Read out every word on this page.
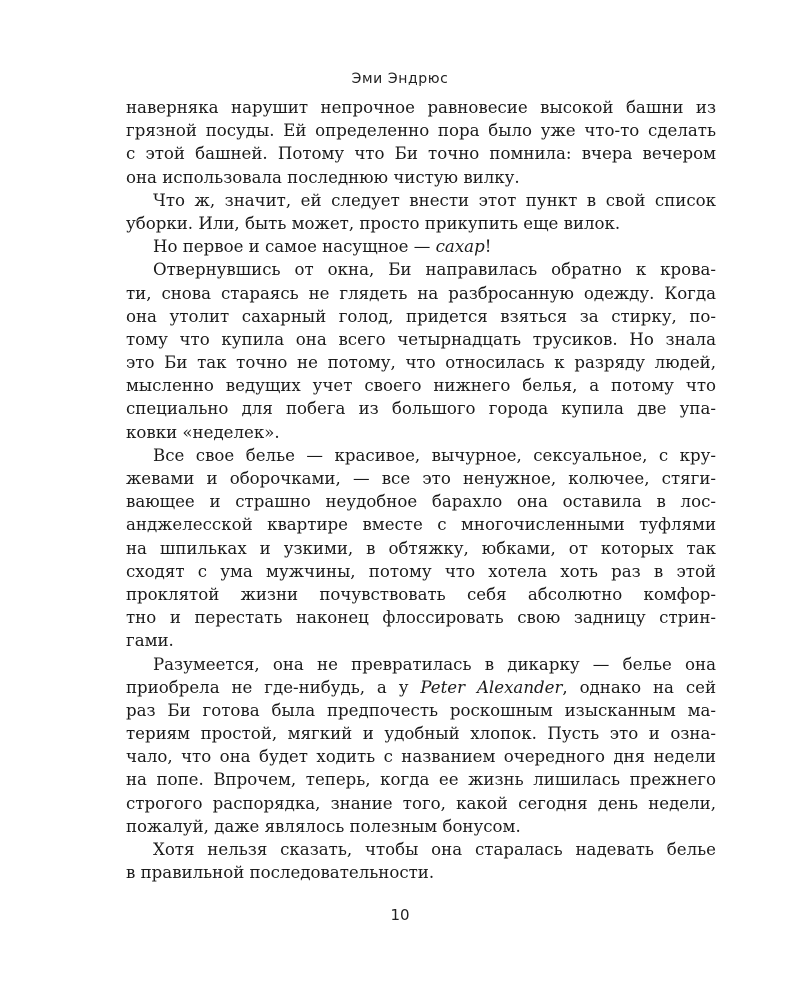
Эми Эндрюс
наверняка нарушит непрочное равновесие высокой башни из
грязной посуды. Ей определенно пора было уже что-то сделать
с этой башней. Потому что Би точно помнила: вчера вечером
она использовала последнюю чистую вилку.
Что ж, значит, ей следует внести этот пункт в свой список
уборки. Или, быть может, просто прикупить еще вилок.
Но первое и самое насущное — сахар!
Отвернувшись от окна, Би направилась обратно к крова-
ти, снова стараясь не глядеть на разбросанную одежду. Когда
она утолит сахарный голод, придется взяться за стирку, по-
тому что купила она всего четырнадцать трусиков. Но знала
это Би так точно не потому, что относилась к разряду людей,
мысленно ведущих учет своего нижнего белья, а потому что
специально для побега из большого города купила две упа-
ковки «неделек».
Все свое белье — красивое, вычурное, сексуальное, с кру-
жевами и оборочками, — все это ненужное, колючее, стяги-
вающее и страшно неудобное барахло она оставила в лос-
анджелесской квартире вместе с многочисленными туфлями
на шпильках и узкими, в обтяжку, юбками, от которых так
сходят с ума мужчины, потому что хотела хоть раз в этой
проклятой жизни почувствовать себя абсолютно комфор-
тно и перестать наконец флоссировать свою задницу стрин-
гами.
Разумеется, она не превратилась в дикарку — белье она
приобрела не где-нибудь, а у Peter Alexander, однако на сей
раз Би готова была предпочесть роскошным изысканным ма-
териям простой, мягкий и удобный хлопок. Пусть это и озна-
чало, что она будет ходить с названием очередного дня недели
на попе. Впрочем, теперь, когда ее жизнь лишилась прежнего
строгого распорядка, знание того, какой сегодня день недели,
пожалуй, даже являлось полезным бонусом.
Хотя нельзя сказать, чтобы она старалась надевать белье
в правильной последовательности.
10
